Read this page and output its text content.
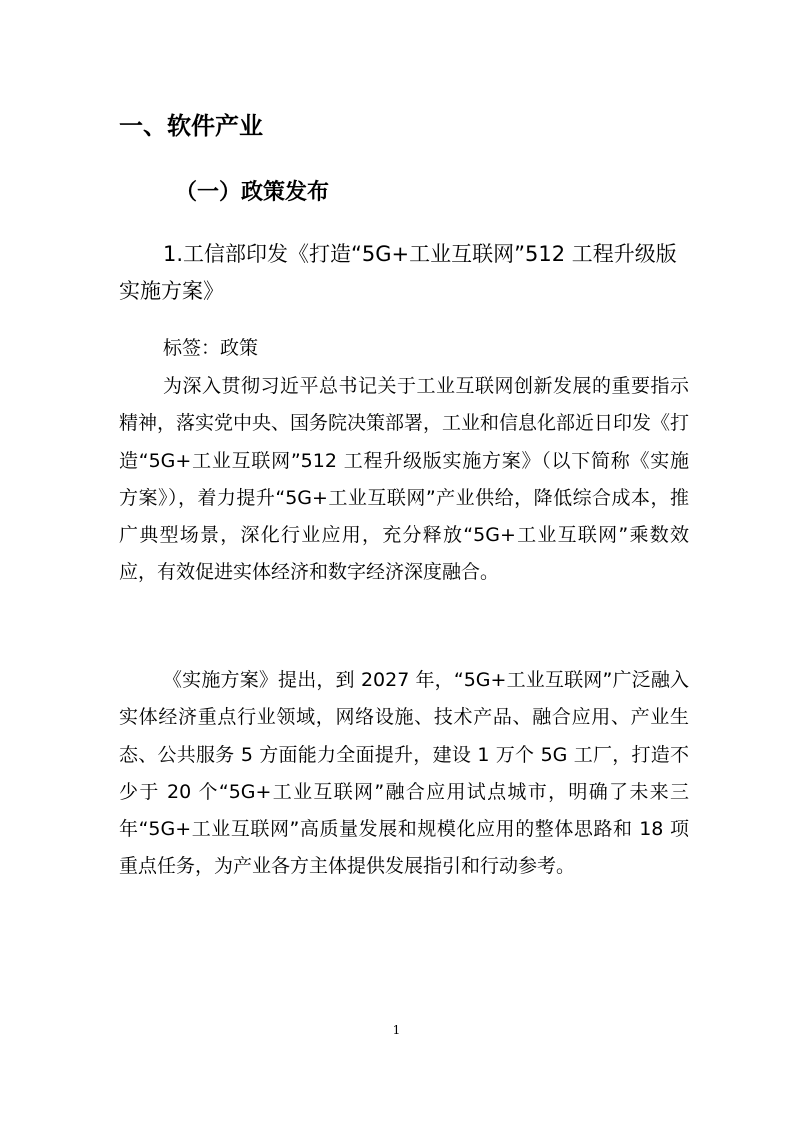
一、软件产业
（一）政策发布
1.工信部印发《打造“5G+工业互联网”512 工程升级版
实施方案》
标签：政策
为深入贯彻习近平总书记关于工业互联网创新发展的重要指示精神，落实党中央、国务院决策部署，工业和信息化部近日印发《打造“5G+工业互联网”512 工程升级版实施方案》（以下简称《实施方案》），着力提升“5G+工业互联网”产业供给，降低综合成本，推广典型场景，深化行业应用，充分释放“5G+工业互联网”乘数效应，有效促进实体经济和数字经济深度融合。
《实施方案》提出，到 2027 年，“5G+工业互联网”广泛融入实体经济重点行业领域，网络设施、技术产品、融合应用、产业生态、公共服务 5 方面能力全面提升，建设 1 万个 5G 工厂，打造不少于 20 个“5G+工业互联网”融合应用试点城市，明确了未来三年“5G+工业互联网”高质量发展和规模化应用的整体思路和 18 项重点任务，为产业各方主体提供发展指引和行动参考。
1
